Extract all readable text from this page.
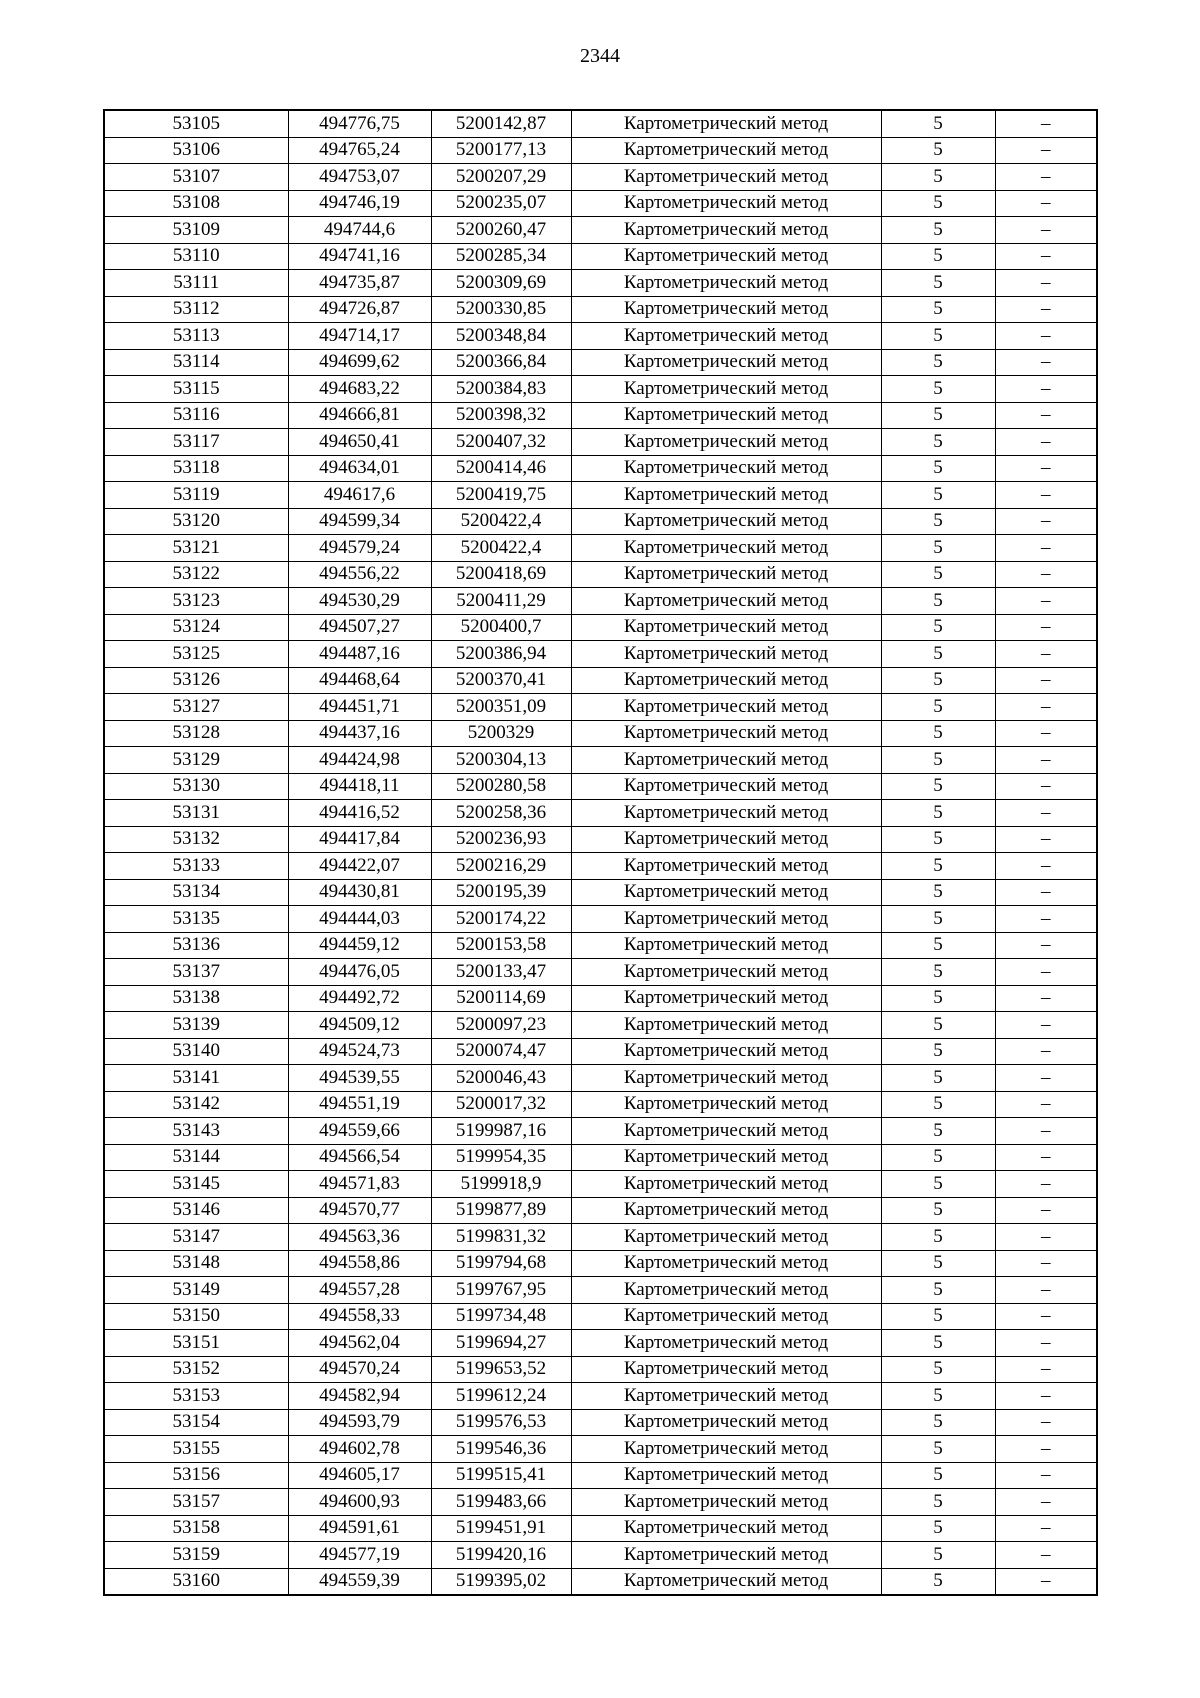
2344
53105	494776,75	5200142,87	Картометрический метод	5	–
53106	494765,24	5200177,13	Картометрический метод	5	–
53107	494753,07	5200207,29	Картометрический метод	5	–
53108	494746,19	5200235,07	Картометрический метод	5	–
53109	494744,6	5200260,47	Картометрический метод	5	–
53110	494741,16	5200285,34	Картометрический метод	5	–
53111	494735,87	5200309,69	Картометрический метод	5	–
53112	494726,87	5200330,85	Картометрический метод	5	–
53113	494714,17	5200348,84	Картометрический метод	5	–
53114	494699,62	5200366,84	Картометрический метод	5	–
53115	494683,22	5200384,83	Картометрический метод	5	–
53116	494666,81	5200398,32	Картометрический метод	5	–
53117	494650,41	5200407,32	Картометрический метод	5	–
53118	494634,01	5200414,46	Картометрический метод	5	–
53119	494617,6	5200419,75	Картометрический метод	5	–
53120	494599,34	5200422,4	Картометрический метод	5	–
53121	494579,24	5200422,4	Картометрический метод	5	–
53122	494556,22	5200418,69	Картометрический метод	5	–
53123	494530,29	5200411,29	Картометрический метод	5	–
53124	494507,27	5200400,7	Картометрический метод	5	–
53125	494487,16	5200386,94	Картометрический метод	5	–
53126	494468,64	5200370,41	Картометрический метод	5	–
53127	494451,71	5200351,09	Картометрический метод	5	–
53128	494437,16	5200329	Картометрический метод	5	–
53129	494424,98	5200304,13	Картометрический метод	5	–
53130	494418,11	5200280,58	Картометрический метод	5	–
53131	494416,52	5200258,36	Картометрический метод	5	–
53132	494417,84	5200236,93	Картометрический метод	5	–
53133	494422,07	5200216,29	Картометрический метод	5	–
53134	494430,81	5200195,39	Картометрический метод	5	–
53135	494444,03	5200174,22	Картометрический метод	5	–
53136	494459,12	5200153,58	Картометрический метод	5	–
53137	494476,05	5200133,47	Картометрический метод	5	–
53138	494492,72	5200114,69	Картометрический метод	5	–
53139	494509,12	5200097,23	Картометрический метод	5	–
53140	494524,73	5200074,47	Картометрический метод	5	–
53141	494539,55	5200046,43	Картометрический метод	5	–
53142	494551,19	5200017,32	Картометрический метод	5	–
53143	494559,66	5199987,16	Картометрический метод	5	–
53144	494566,54	5199954,35	Картометрический метод	5	–
53145	494571,83	5199918,9	Картометрический метод	5	–
53146	494570,77	5199877,89	Картометрический метод	5	–
53147	494563,36	5199831,32	Картометрический метод	5	–
53148	494558,86	5199794,68	Картометрический метод	5	–
53149	494557,28	5199767,95	Картометрический метод	5	–
53150	494558,33	5199734,48	Картометрический метод	5	–
53151	494562,04	5199694,27	Картометрический метод	5	–
53152	494570,24	5199653,52	Картометрический метод	5	–
53153	494582,94	5199612,24	Картометрический метод	5	–
53154	494593,79	5199576,53	Картометрический метод	5	–
53155	494602,78	5199546,36	Картометрический метод	5	–
53156	494605,17	5199515,41	Картометрический метод	5	–
53157	494600,93	5199483,66	Картометрический метод	5	–
53158	494591,61	5199451,91	Картометрический метод	5	–
53159	494577,19	5199420,16	Картометрический метод	5	–
53160	494559,39	5199395,02	Картометрический метод	5	–
